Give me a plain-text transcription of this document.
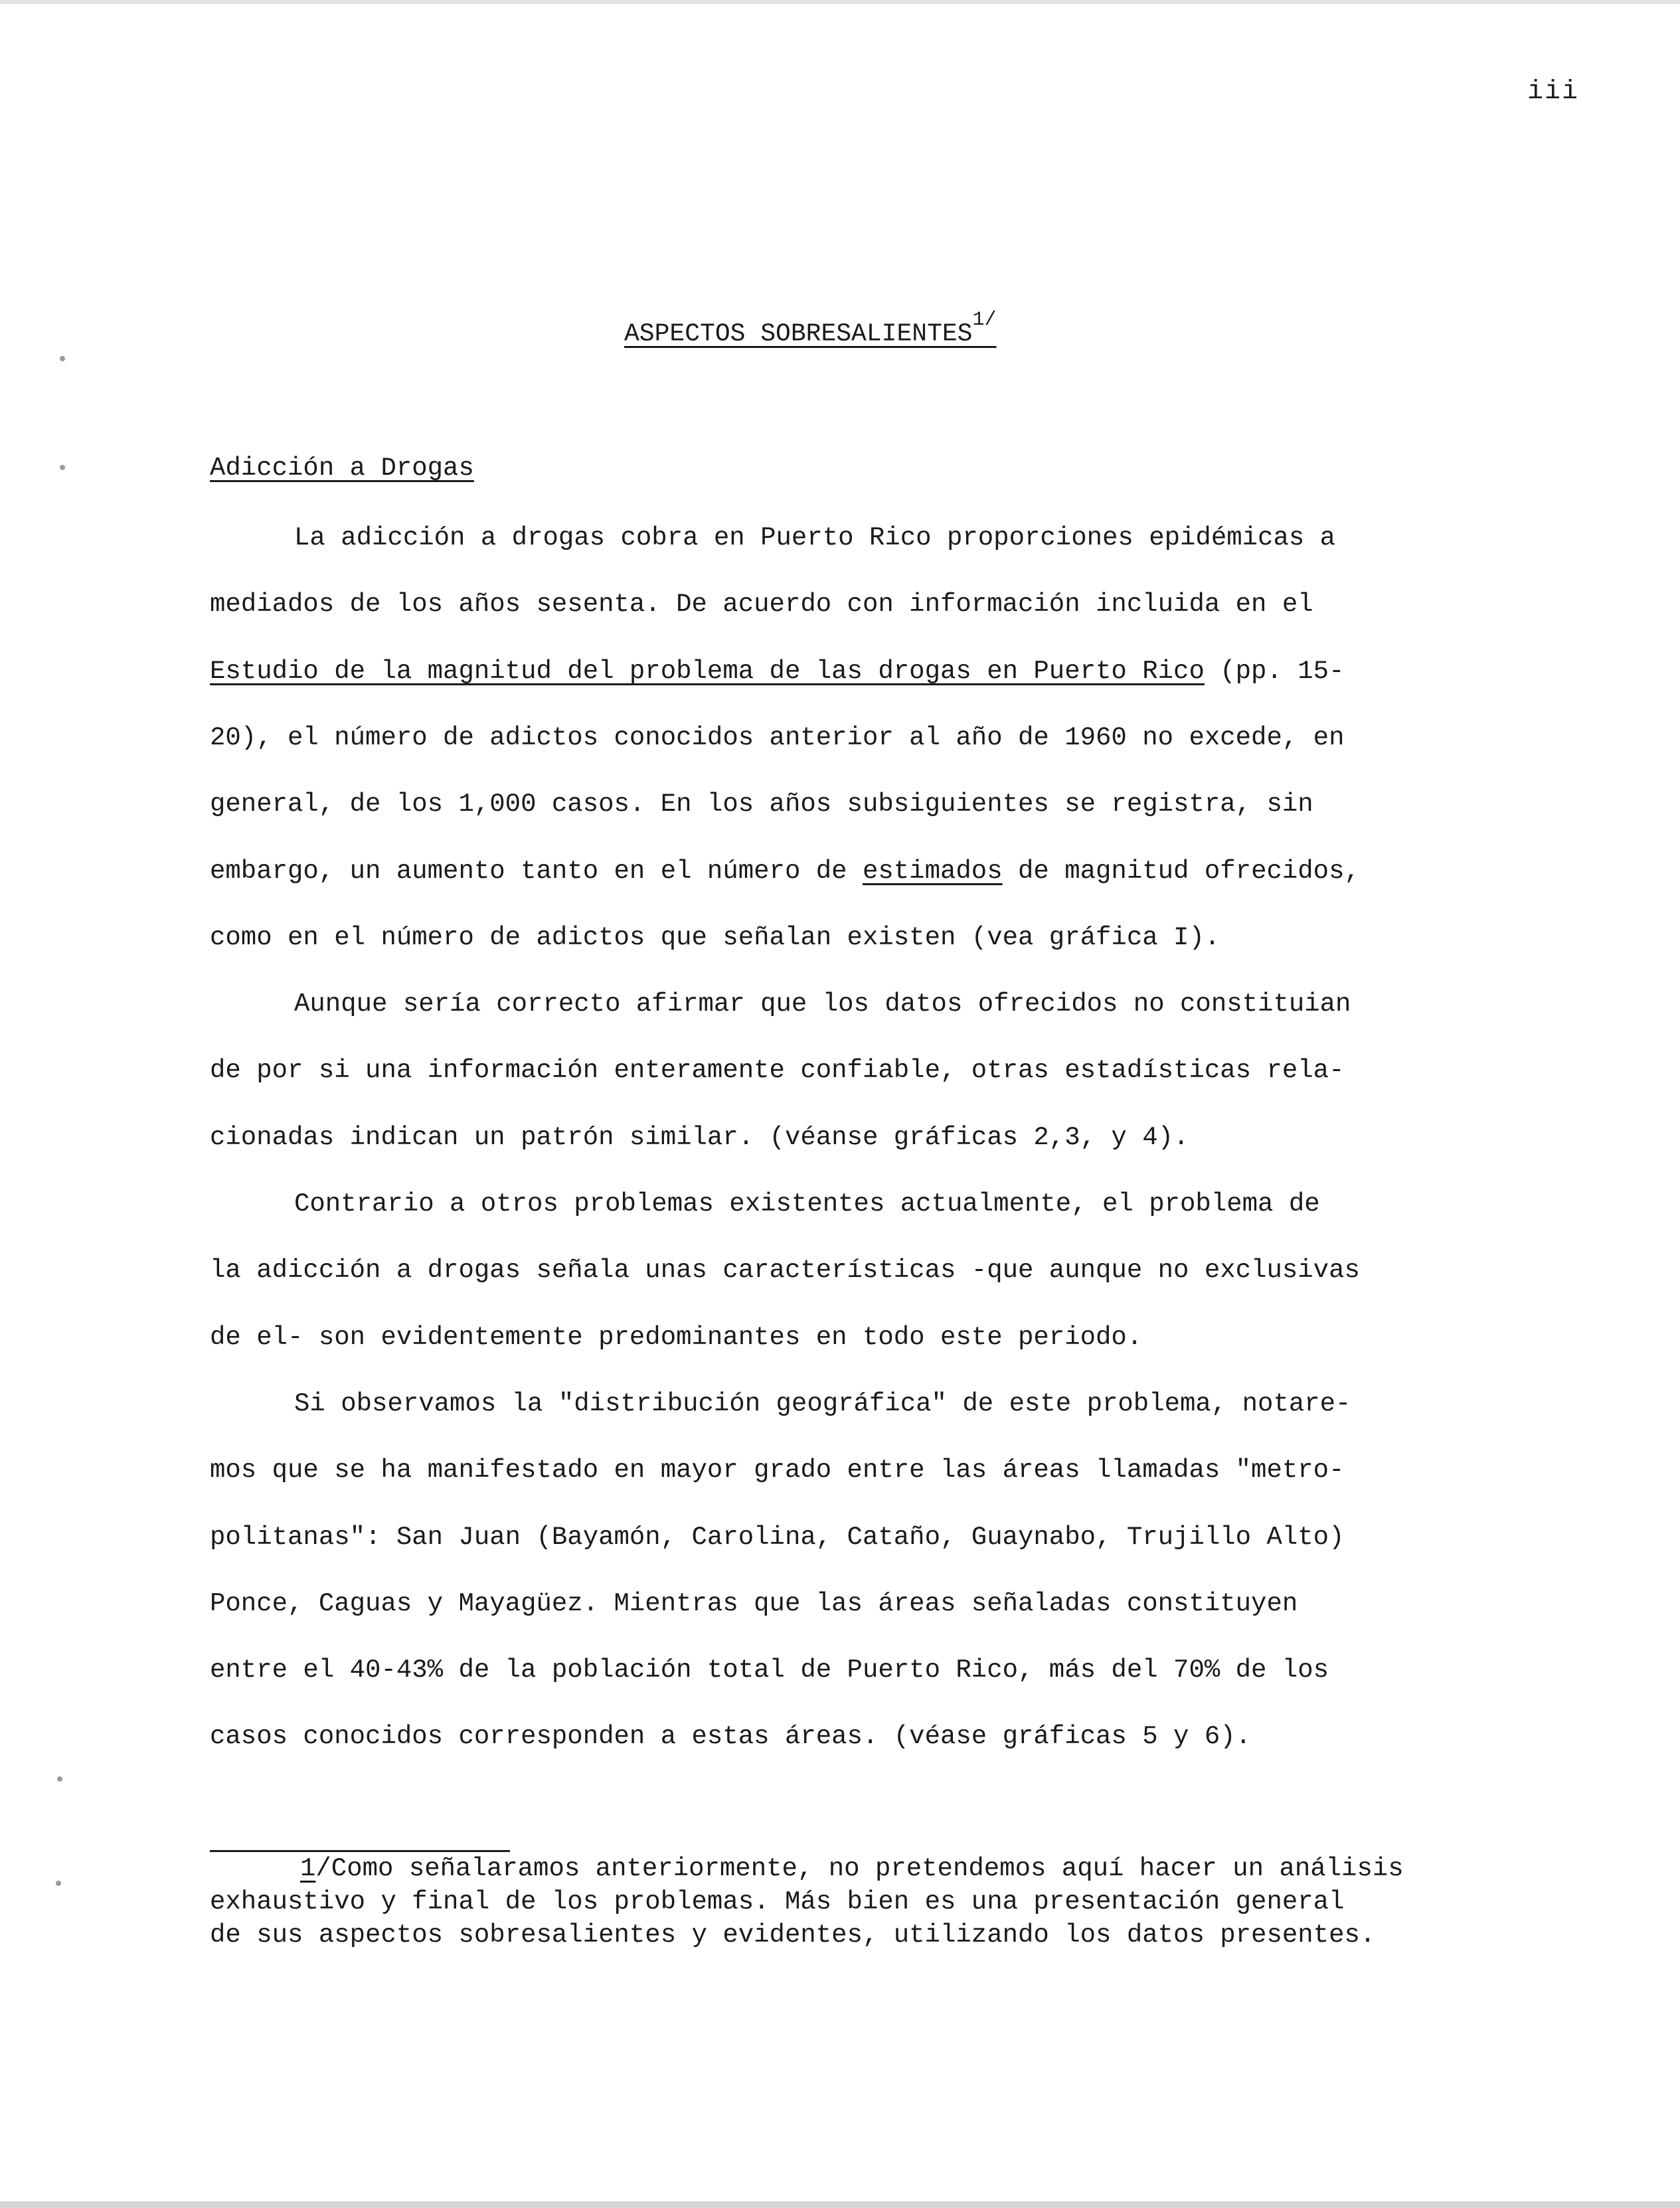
iii
ASPECTOS $SOBRESALIENTES^{1/}$
Adicción a Drogas
La adicción a drogas cobra en Puerto Rico proporciones epidémicas a
mediados de los años sesenta. De acuerdo con información incluida en el
Estudio de la magnitud del problema de las drogas en Puerto Rico (pp. 15-
20), el número de adictos conocidos anterior al año de 1960 no excede, en
general, de los 1,000 casos. En los años subsiguientes se registra, sin
embargo, un aumento tanto en el número de estimados de magnitud ofrecidos,
como en el número de adictos que señalan existen (vea gráfica I).
Aunque sería correcto afirmar que los datos ofrecidos no constituian
de por si una información enteramente confiable, otras estadísticas rela-
cionadas indican un patrón similar. (véanse gráficas 2,3, y 4).
Contrario a otros problemas existentes actualmente, el problema de
la adicción a drogas señala unas características -que aunque no exclusivas
de el- son evidentemente predominantes en todo este periodo.
Si observamos la "distribución geográfica" de este problema, notare-
mos que se ha manifestado en mayor grado entre las áreas llamadas "metro-
politanas": San Juan (Bayamón, Carolina, Cataño, Guaynabo, Trujillo Alto)
Ponce, Caguas y Mayagüez. Mientras que las áreas señaladas constituyen
entre el 40-43% de la población total de Puerto Rico, más del 70% de los
casos conocidos corresponden a estas áreas. (véase gráficas 5 y 6).
1/Como señalaramos anteriormente, no pretendemos aquí hacer un análisis
exhaustivo y final de los problemas. Más bien es una presentación general
de sus aspectos sobresalientes y evidentes, utilizando los datos presentes.
